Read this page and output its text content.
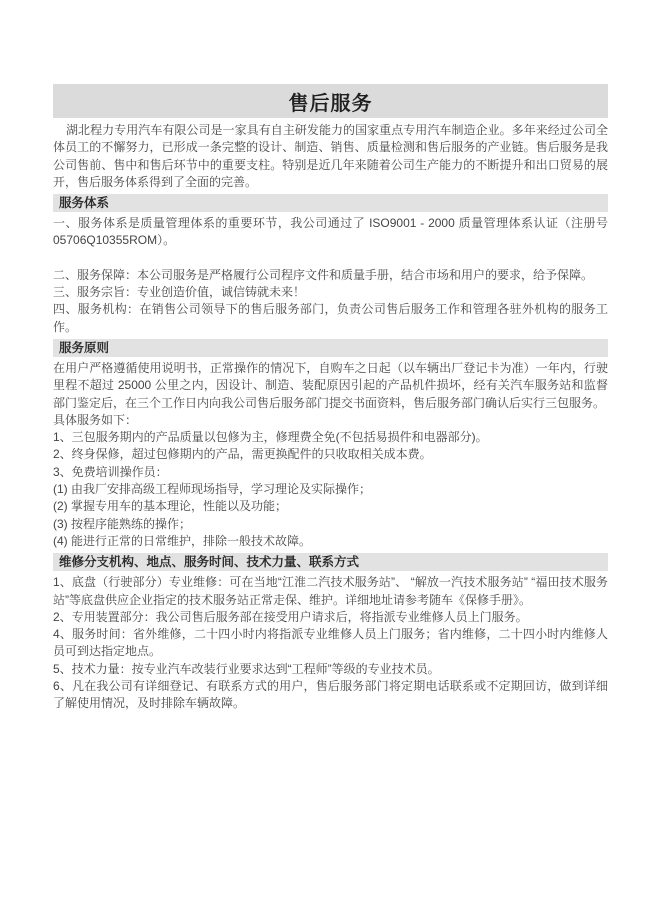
售后服务

湖北程力专用汽车有限公司是一家具有自主研发能力的国家重点专用汽车制造企业。多年来经过公司全体员工的不懈努力，已形成一条完整的设计、制造、销售、质量检测和售后服务的产业链。售后服务是我公司售前、售中和售后环节中的重要支柱。特别是近几年来随着公司生产能力的不断提升和出口贸易的展开，售后服务体系得到了全面的完善。

服务体系

一、服务体系是质量管理体系的重要环节，我公司通过了 ISO9001 - 2000 质量管理体系认证（注册号 05706Q10355ROM）。

二、服务保障：本公司服务是严格履行公司程序文件和质量手册，结合市场和用户的要求，给予保障。

三、服务宗旨：专业创造价值，诚信铸就未来！

四、服务机构：在销售公司领导下的售后服务部门，负责公司售后服务工作和管理各驻外机构的服务工作。

服务原则

在用户严格遵循使用说明书，正常操作的情况下，自购车之日起（以车辆出厂登记卡为准）一年内，行驶里程不超过 25000 公里之内，因设计、制造、装配原因引起的产品机件损坏，经有关汽车服务站和监督部门鉴定后，在三个工作日内向我公司售后服务部门提交书面资料，售后服务部门确认后实行三包服务。

具体服务如下：

1、三包服务期内的产品质量以包修为主，修理费全免(不包括易损件和电器部分)。

2、终身保修，超过包修期内的产品，需更换配件的只收取相关成本费。

3、免费培训操作员：

(1) 由我厂安排高级工程师现场指导，学习理论及实际操作；

(2) 掌握专用车的基本理论，性能以及功能；

(3) 按程序能熟练的操作；

(4) 能进行正常的日常维护，排除一般技术故障。

维修分支机构、地点、服务时间、技术力量、联系方式

1、底盘（行驶部分）专业维修：可在当地“江淮二汽技术服务站”、 “解放一汽技术服务站” “福田技术服务站”等底盘供应企业指定的技术服务站正常走保、维护。详细地址请参考随车《保修手册》。

2、专用装置部分：我公司售后服务部在接受用户请求后，将指派专业维修人员上门服务。

4、服务时间：省外维修，二十四小时内将指派专业维修人员上门服务；省内维修，二十四小时内维修人员可到达指定地点。

5、技术力量：按专业汽车改装行业要求达到“工程师”等级的专业技术员。

6、凡在我公司有详细登记、有联系方式的用户，售后服务部门将定期电话联系或不定期回访，做到详细了解使用情况，及时排除车辆故障。
